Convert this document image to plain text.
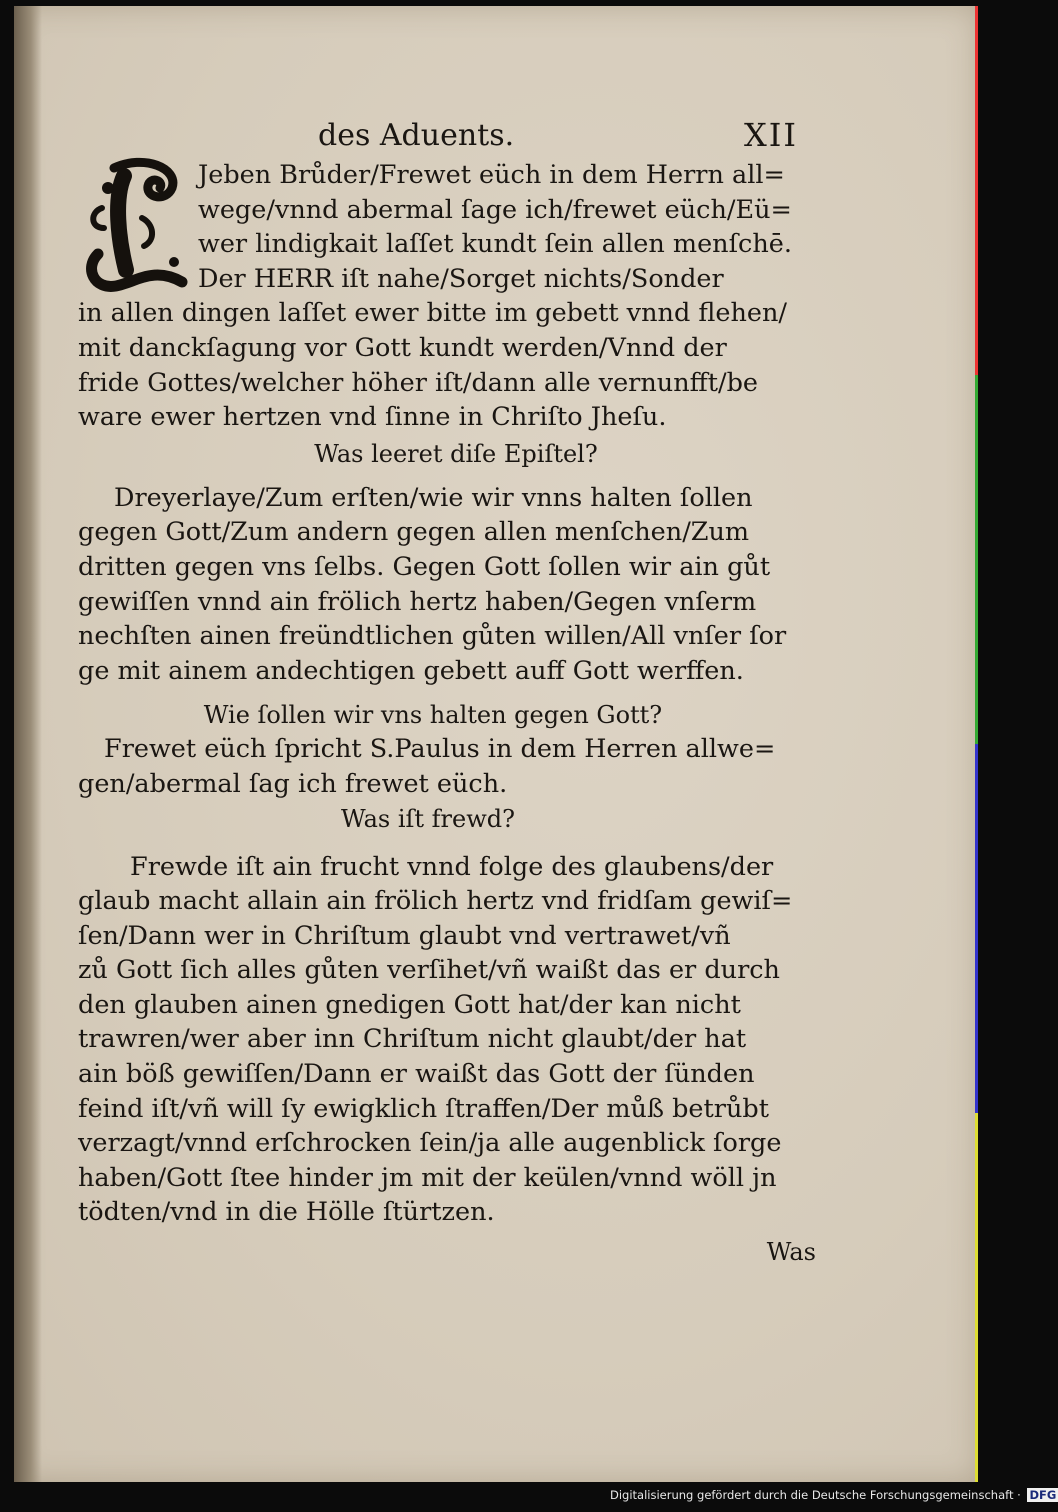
des Aduents.	XII
Jeben Brůder/Frewet eüch in dem Herrn all=
wege/vnnd abermal ſage ich/frewet eüch/Eü=
wer lindigkait laſſet kundt ſein allen menſchē.
Der HERR iſt nahe/Sorget nichts/Sonder
in allen dingen laſſet ewer bitte im gebett vnnd flehen/
mit danckſagung vor Gott kundt werden/Vnnd der
fride Gottes/welcher höher iſt/dann alle vernunfft/be
ware ewer hertzen vnd ſinne in Chriſto Jheſu.
Was leeret diſe Epiſtel?
Dreyerlaye/Zum erſten/wie wir vnns halten ſollen
gegen Gott/Zum andern gegen allen menſchen/Zum
dritten gegen vns ſelbs. Gegen Gott ſollen wir ain gůt
gewiſſen vnnd ain frölich hertz haben/Gegen vnſerm
nechſten ainen freündtlichen gůten willen/All vnſer ſor
ge mit ainem andechtigen gebett auff Gott werffen.
Wie ſollen wir vns halten gegen Gott?
Frewet eüch ſpricht S.Paulus in dem Herren allwe=
gen/abermal ſag ich frewet eüch.
Was iſt frewd?
Frewde iſt ain frucht vnnd folge des glaubens/der
glaub macht allain ain frölich hertz vnd fridſam gewiſ=
ſen/Dann wer in Chriſtum glaubt vnd vertrawet/vñ
zů Gott ſich alles gůten verſihet/vñ waißt das er durch
den glauben ainen gnedigen Gott hat/der kan nicht
trawren/wer aber inn Chriſtum nicht glaubt/der hat
ain böß gewiſſen/Dann er waißt das Gott der ſünden
feind iſt/vñ will ſy ewigklich ſtraffen/Der můß betrůbt
verzagt/vnnd erſchrocken ſein/ja alle augenblick ſorge
haben/Gott ſtee hinder jm mit der keülen/vnnd wöll jn
tödten/vnd in die Hölle ſtürtzen.
Was
Digitalisierung gefördert durch die Deutsche Forschungsgemeinschaft · DFG
